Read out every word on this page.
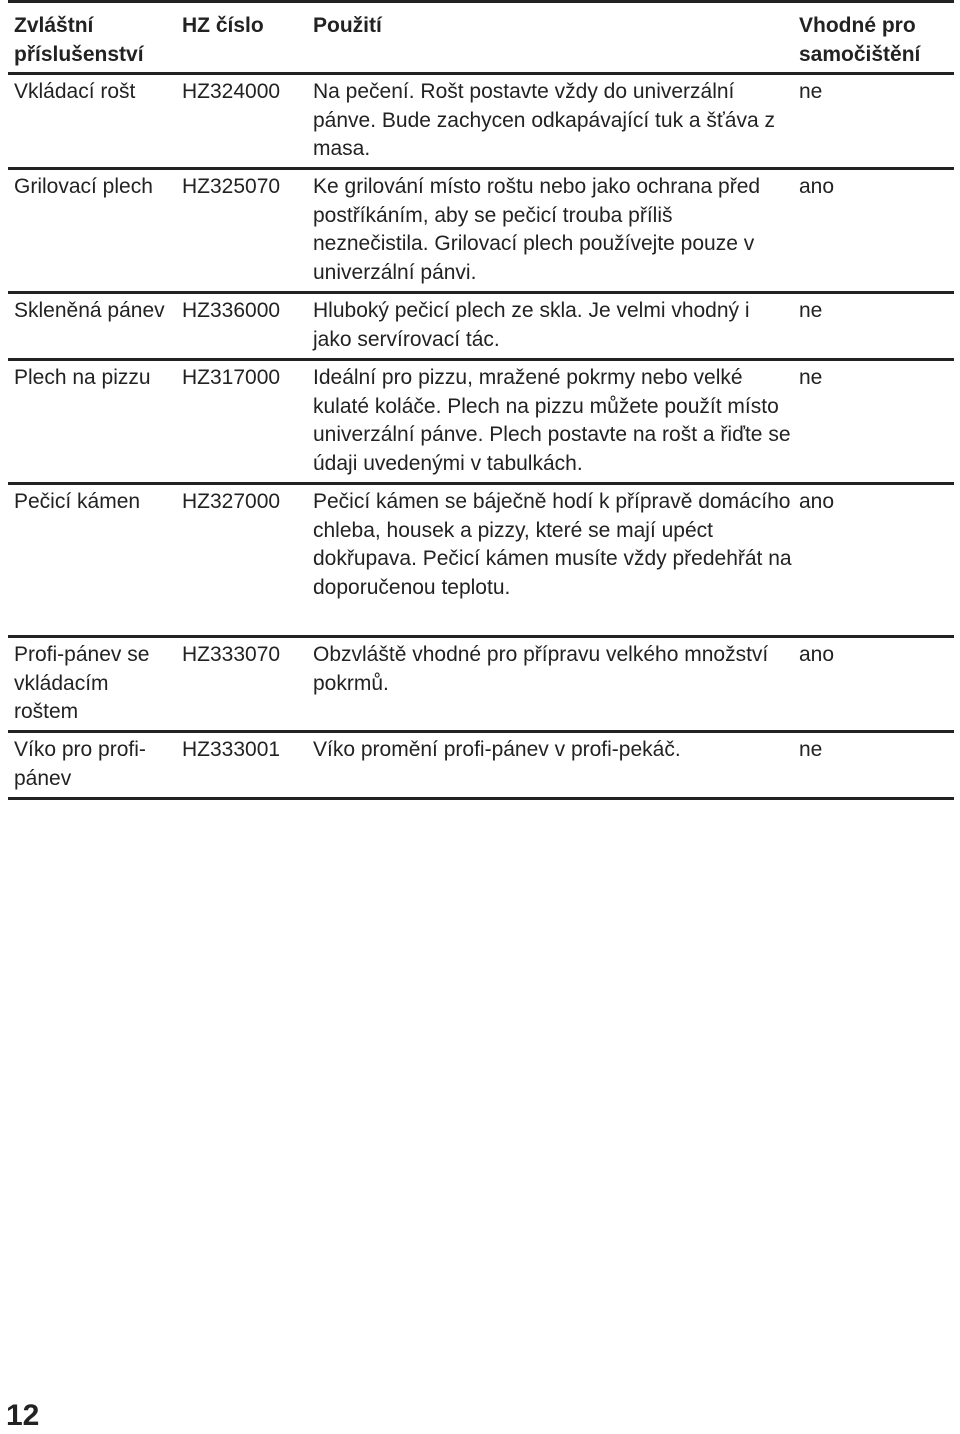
Zvláštní příslušenství	HZ číslo	Použití	Vhodné pro samočištění
Vkládací rošt	HZ324000	Na pečení. Rošt postavte vždy do univerzální pánve. Bude zachycen odkapávající tuk a šťáva z masa.	ne
Grilovací plech	HZ325070	Ke grilování místo roštu nebo jako ochrana před postříkáním, aby se pečicí trouba příliš neznečistila. Grilovací plech používejte pouze v univerzální pánvi.	ano
Skleněná pánev	HZ336000	Hluboký pečicí plech ze skla. Je velmi vhodný i jako servírovací tác.	ne
Plech na pizzu	HZ317000	Ideální pro pizzu, mražené pokrmy nebo velké kulaté koláče. Plech na pizzu můžete použít místo univerzální pánve. Plech postavte na rošt a řiďte se údaji uvedenými v tabulkách.	ne
Pečicí kámen	HZ327000	Pečicí kámen se báječně hodí k přípravě domácího chleba, housek a pizzy, které se mají upéct dokřupava. Pečicí kámen musíte vždy předehřát na doporučenou teplotu.	ano
Profi-pánev se vkládacím roštem	HZ333070	Obzvláště vhodné pro přípravu velkého množství pokrmů.	ano
Víko pro profi-pánev	HZ333001	Víko promění profi-pánev v profi-pekáč.	ne
12
